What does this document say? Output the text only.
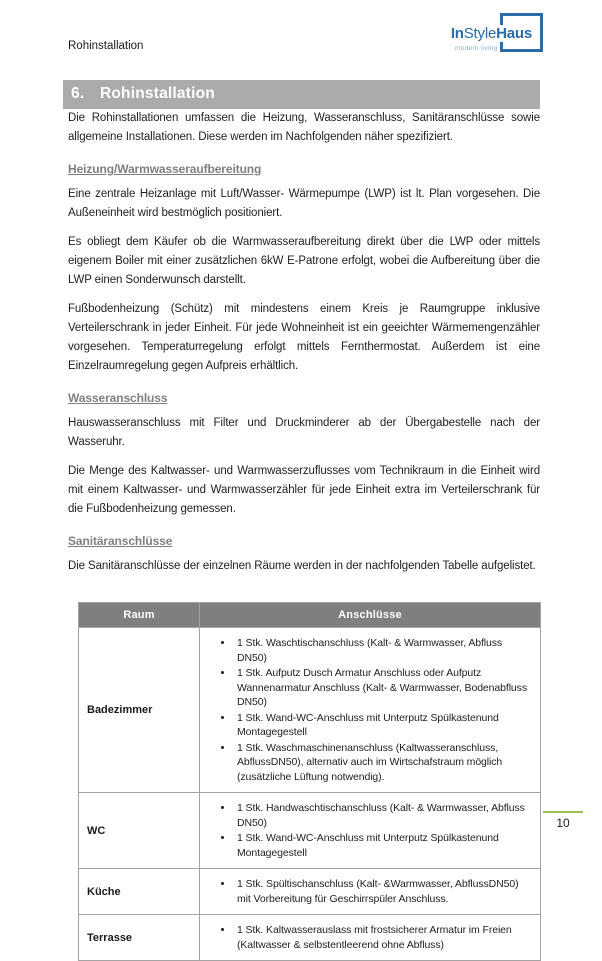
Rohinstallation
InStyleHaus
modern living
6. Rohinstallation

Die Rohinstallationen umfassen die Heizung, Wasseranschluss, Sanitäranschlüsse sowie allgemeine Installationen. Diese werden im Nachfolgenden näher spezifiziert.

Heizung/Warmwasseraufbereitung

Eine zentrale Heizanlage mit Luft/Wasser- Wärmepumpe (LWP) ist lt. Plan vorgesehen. Die Außeneinheit wird bestmöglich positioniert.

Es obliegt dem Käufer ob die Warmwasseraufbereitung direkt über die LWP oder mittels eigenem Boiler mit einer zusätzlichen 6kW E-Patrone erfolgt, wobei die Aufbereitung über die LWP einen Sonderwunsch darstellt.

Fußbodenheizung (Schütz) mit mindestens einem Kreis je Raumgruppe inklusive Verteilerschrank in jeder Einheit. Für jede Wohneinheit ist ein geeichter Wärmemengenzähler vorgesehen. Temperaturregelung erfolgt mittels Fernthermostat. Außerdem ist eine Einzelraumregelung gegen Aufpreis erhältlich.

Wasseranschluss

Hauswasseranschluss mit Filter und Druckminderer ab der Übergabestelle nach der Wasseruhr.

Die Menge des Kaltwasser- und Warmwasserzuflusses vom Technikraum in die Einheit wird mit einem Kaltwasser- und Warmwasserzähler für jede Einheit extra im Verteilerschrank für die Fußbodenheizung gemessen.

Sanitäranschlüsse

Die Sanitäranschlüsse der einzelnen Räume werden in der nachfolgenden Tabelle aufgelistet.

Raum	Anschlüsse
Badezimmer	
• 1 Stk. Waschtischanschluss (Kalt- & Warmwasser, Abfluss DN50)
• 1 Stk. Aufputz Dusch Armatur Anschluss oder Aufputz Wannenarmatur Anschluss (Kalt- & Warmwasser, Bodenabfluss DN50)
• 1 Stk. Wand-WC-Anschluss mit Unterputz Spülkastenund Montagegestell
• 1 Stk. Waschmaschinenanschluss (Kaltwasseranschluss, AbflussDN50), alternativ auch im Wirtschafstraum möglich (zusätzliche Lüftung notwendig).

WC	
• 1 Stk. Handwaschtischanschluss (Kalt- & Warmwasser, Abfluss DN50)
• 1 Stk. Wand-WC-Anschluss mit Unterputz Spülkastenund Montagegestell

Küche	
• 1 Stk. Spültischanschluss (Kalt- &Warmwasser, AbflussDN50) mit Vorbereitung für Geschirrspüler Anschluss.

Terrasse	
• 1 Stk. Kaltwasserauslass mit frostsicherer Armatur im Freien (Kaltwasser & selbstentleerend ohne Abfluss)
10
